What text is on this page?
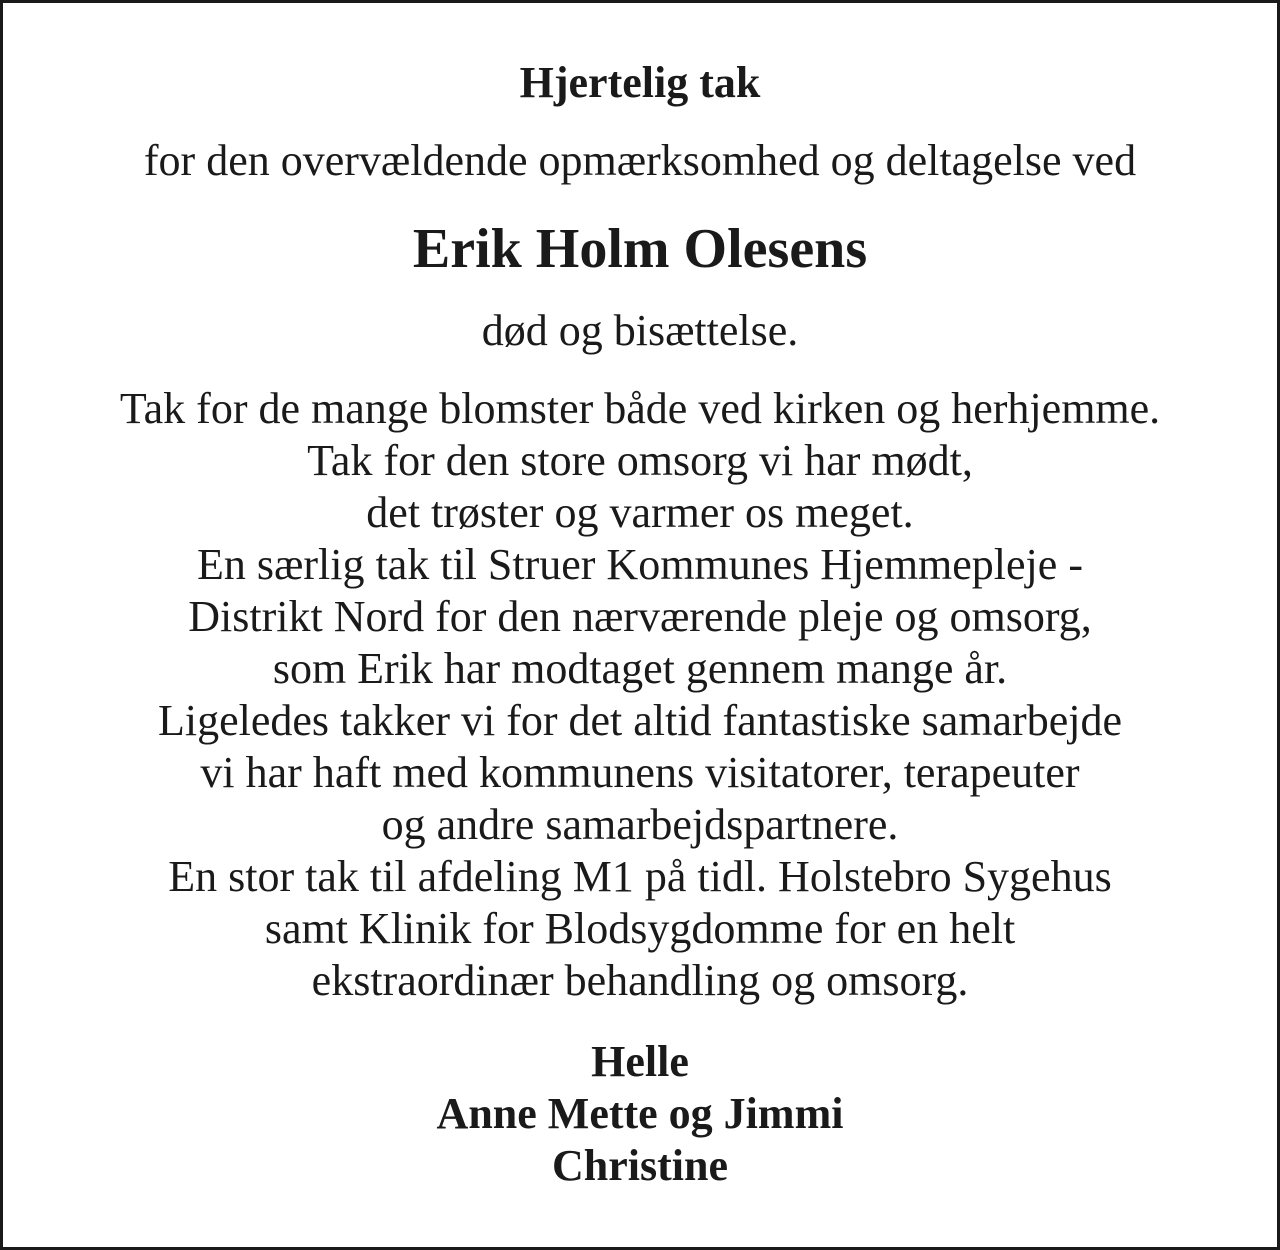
Hjertelig tak

for den overvældende opmærksomhed og deltagelse ved

Erik Holm Olesens

død og bisættelse.

Tak for de mange blomster både ved kirken og herhjemme.
Tak for den store omsorg vi har mødt,
det trøster og varmer os meget.
En særlig tak til Struer Kommunes Hjemmepleje -
Distrikt Nord for den nærværende pleje og omsorg,
som Erik har modtaget gennem mange år.
Ligeledes takker vi for det altid fantastiske samarbejde
vi har haft med kommunens visitatorer, terapeuter
og andre samarbejdspartnere.
En stor tak til afdeling M1 på tidl. Holstebro Sygehus
samt Klinik for Blodsygdomme for en helt
ekstraordinær behandling og omsorg.
Helle
Anne Mette og Jimmi
Christine
